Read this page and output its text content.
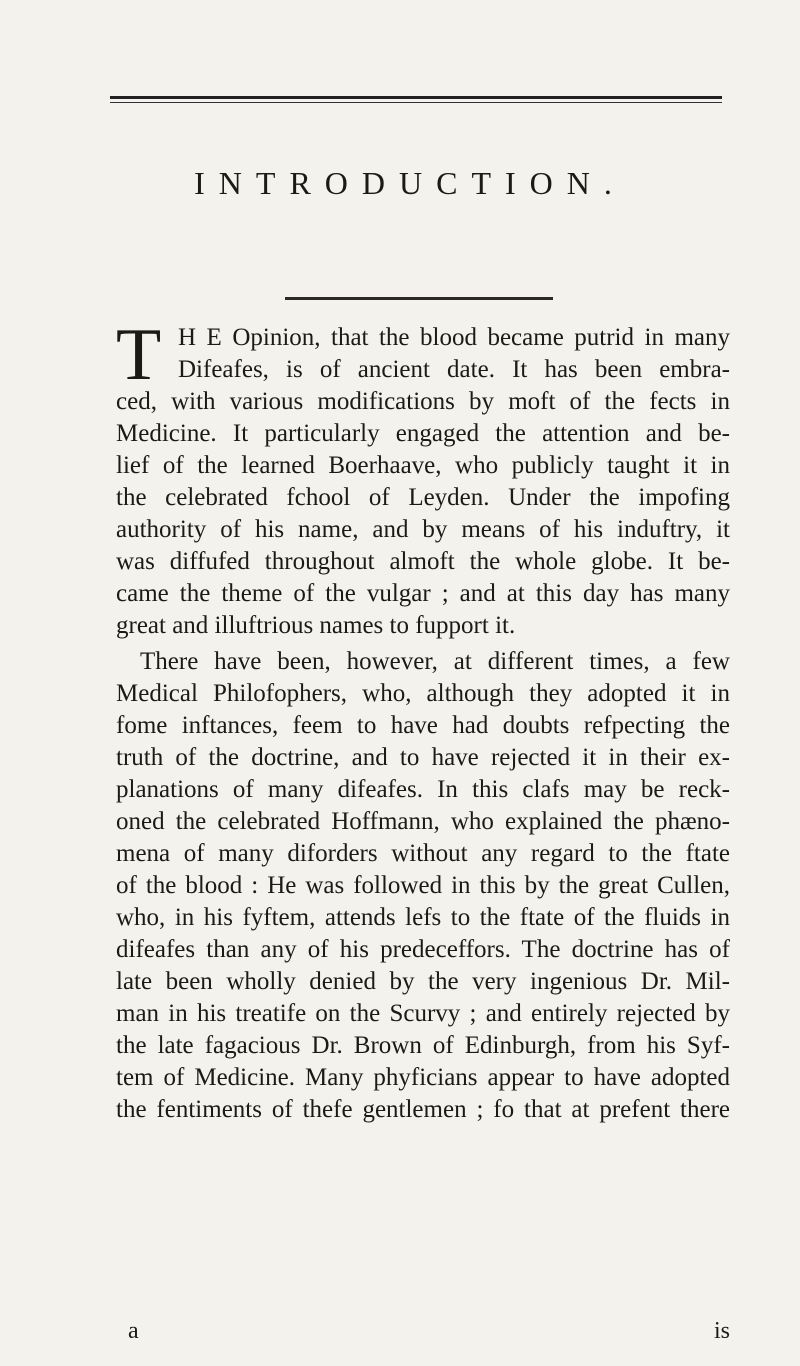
INTRODUCTION.
T H E Opinion, that the blood became putrid in many
Difeafes, is of ancient date. It has been embra-
ced, with various modifications by moft of the fects in
Medicine. It particularly engaged the attention and be-
lief of the learned Boerhaave, who publicly taught it in
the celebrated fchool of Leyden. Under the impofing
authority of his name, and by means of his induftry, it
was diffufed throughout almoft the whole globe. It be-
came the theme of the vulgar ; and at this day has many
great and illuftrious names to fupport it.
There have been, however, at different times, a few
Medical Philofophers, who, although they adopted it in
fome inftances, feem to have had doubts refpecting the
truth of the doctrine, and to have rejected it in their ex-
planations of many difeafes. In this clafs may be reck-
oned the celebrated Hoffmann, who explained the phæno-
mena of many diforders without any regard to the ftate
of the blood : He was followed in this by the great Cullen,
who, in his fyftem, attends lefs to the ftate of the fluids in
difeafes than any of his predeceffors. The doctrine has of
late been wholly denied by the very ingenious Dr. Mil-
man in his treatife on the Scurvy ; and entirely rejected by
the late fagacious Dr. Brown of Edinburgh, from his Syf-
tem of Medicine. Many phyficians appear to have adopted
the fentiments of thefe gentlemen ; fo that at prefent there
a	is
